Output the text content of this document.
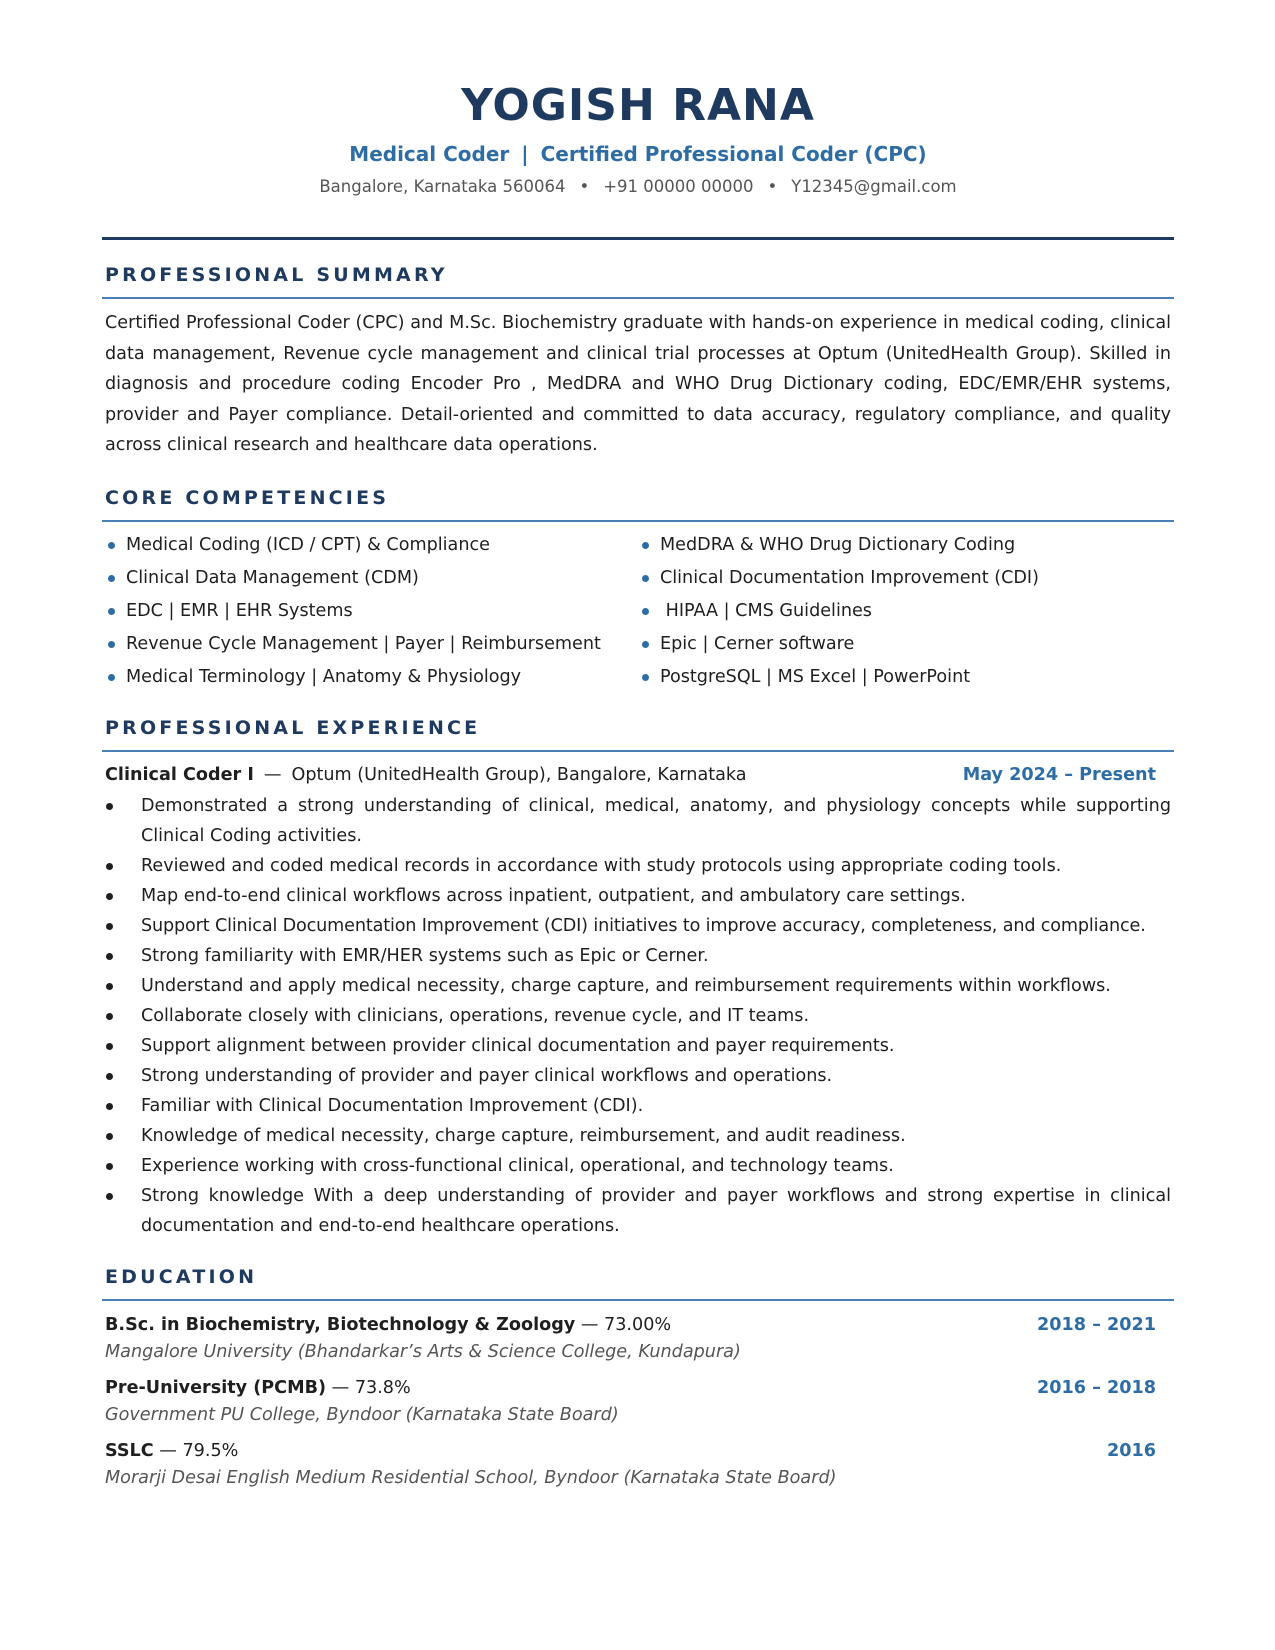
YOGISH RANA
Medical Coder | Certified Professional Coder (CPC)
Bangalore, Karnataka 560064 • +91 00000 00000 • Y12345@gmail.com
PROFESSIONAL SUMMARY
Certified Professional Coder (CPC) and M.Sc. Biochemistry graduate with hands-on experience in medical coding, clinical data management, Revenue cycle management and clinical trial processes at Optum (UnitedHealth Group). Skilled in diagnosis and procedure coding Encoder Pro , MedDRA and WHO Drug Dictionary coding, EDC/EMR/EHR systems, provider and Payer compliance. Detail-oriented and committed to data accuracy, regulatory compliance, and quality across clinical research and healthcare data operations.
CORE COMPETENCIES
Medical Coding (ICD / CPT) & Compliance
Clinical Data Management (CDM)
EDC | EMR | EHR Systems
Revenue Cycle Management | Payer | Reimbursement
Medical Terminology | Anatomy & Physiology
MedDRA & WHO Drug Dictionary Coding
Clinical Documentation Improvement (CDI)
HIPAA | CMS Guidelines
Epic | Cerner software
PostgreSQL | MS Excel | PowerPoint
PROFESSIONAL EXPERIENCE
Clinical Coder I — Optum (UnitedHealth Group), Bangalore, Karnataka	May 2024 – Present
Demonstrated a strong understanding of clinical, medical, anatomy, and physiology concepts while supporting Clinical Coding activities.
Reviewed and coded medical records in accordance with study protocols using appropriate coding tools.
Map end-to-end clinical workflows across inpatient, outpatient, and ambulatory care settings.
Support Clinical Documentation Improvement (CDI) initiatives to improve accuracy, completeness, and compliance.
Strong familiarity with EMR/HER systems such as Epic or Cerner.
Understand and apply medical necessity, charge capture, and reimbursement requirements within workflows.
Collaborate closely with clinicians, operations, revenue cycle, and IT teams.
Support alignment between provider clinical documentation and payer requirements.
Strong understanding of provider and payer clinical workflows and operations.
Familiar with Clinical Documentation Improvement (CDI).
Knowledge of medical necessity, charge capture, reimbursement, and audit readiness.
Experience working with cross-functional clinical, operational, and technology teams.
Strong knowledge With a deep understanding of provider and payer workflows and strong expertise in clinical documentation and end-to-end healthcare operations.
EDUCATION
B.Sc. in Biochemistry, Biotechnology & Zoology — 73.00%	2018 – 2021
Mangalore University (Bhandarkar’s Arts & Science College, Kundapura)
Pre-University (PCMB) — 73.8%	2016 – 2018
Government PU College, Byndoor (Karnataka State Board)
SSLC — 79.5%	2016
Morarji Desai English Medium Residential School, Byndoor (Karnataka State Board)
